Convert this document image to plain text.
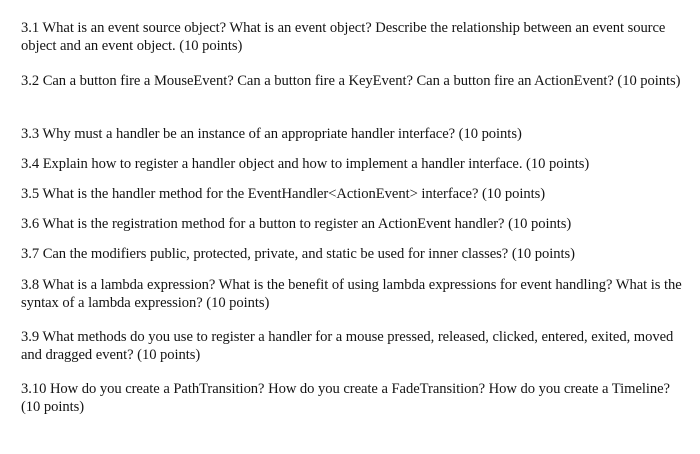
3.1 What is an event source object? What is an event object? Describe the relationship between an event source object and an event object. (10 points)
3.2 Can a button fire a MouseEvent? Can a button fire a KeyEvent? Can a button fire an ActionEvent? (10 points)
3.3 Why must a handler be an instance of an appropriate handler interface? (10 points)
3.4 Explain how to register a handler object and how to implement a handler interface. (10 points)
3.5 What is the handler method for the EventHandler<ActionEvent> interface? (10 points)
3.6 What is the registration method for a button to register an ActionEvent handler? (10 points)
3.7 Can the modifiers public, protected, private, and static be used for inner classes? (10 points)
3.8 What is a lambda expression? What is the benefit of using lambda expressions for event handling? What is the syntax of a lambda expression? (10 points)
3.9 What methods do you use to register a handler for a mouse pressed, released, clicked, entered, exited, moved and dragged event? (10 points)
3.10 How do you create a PathTransition? How do you create a FadeTransition? How do you create a Timeline? (10 points)
